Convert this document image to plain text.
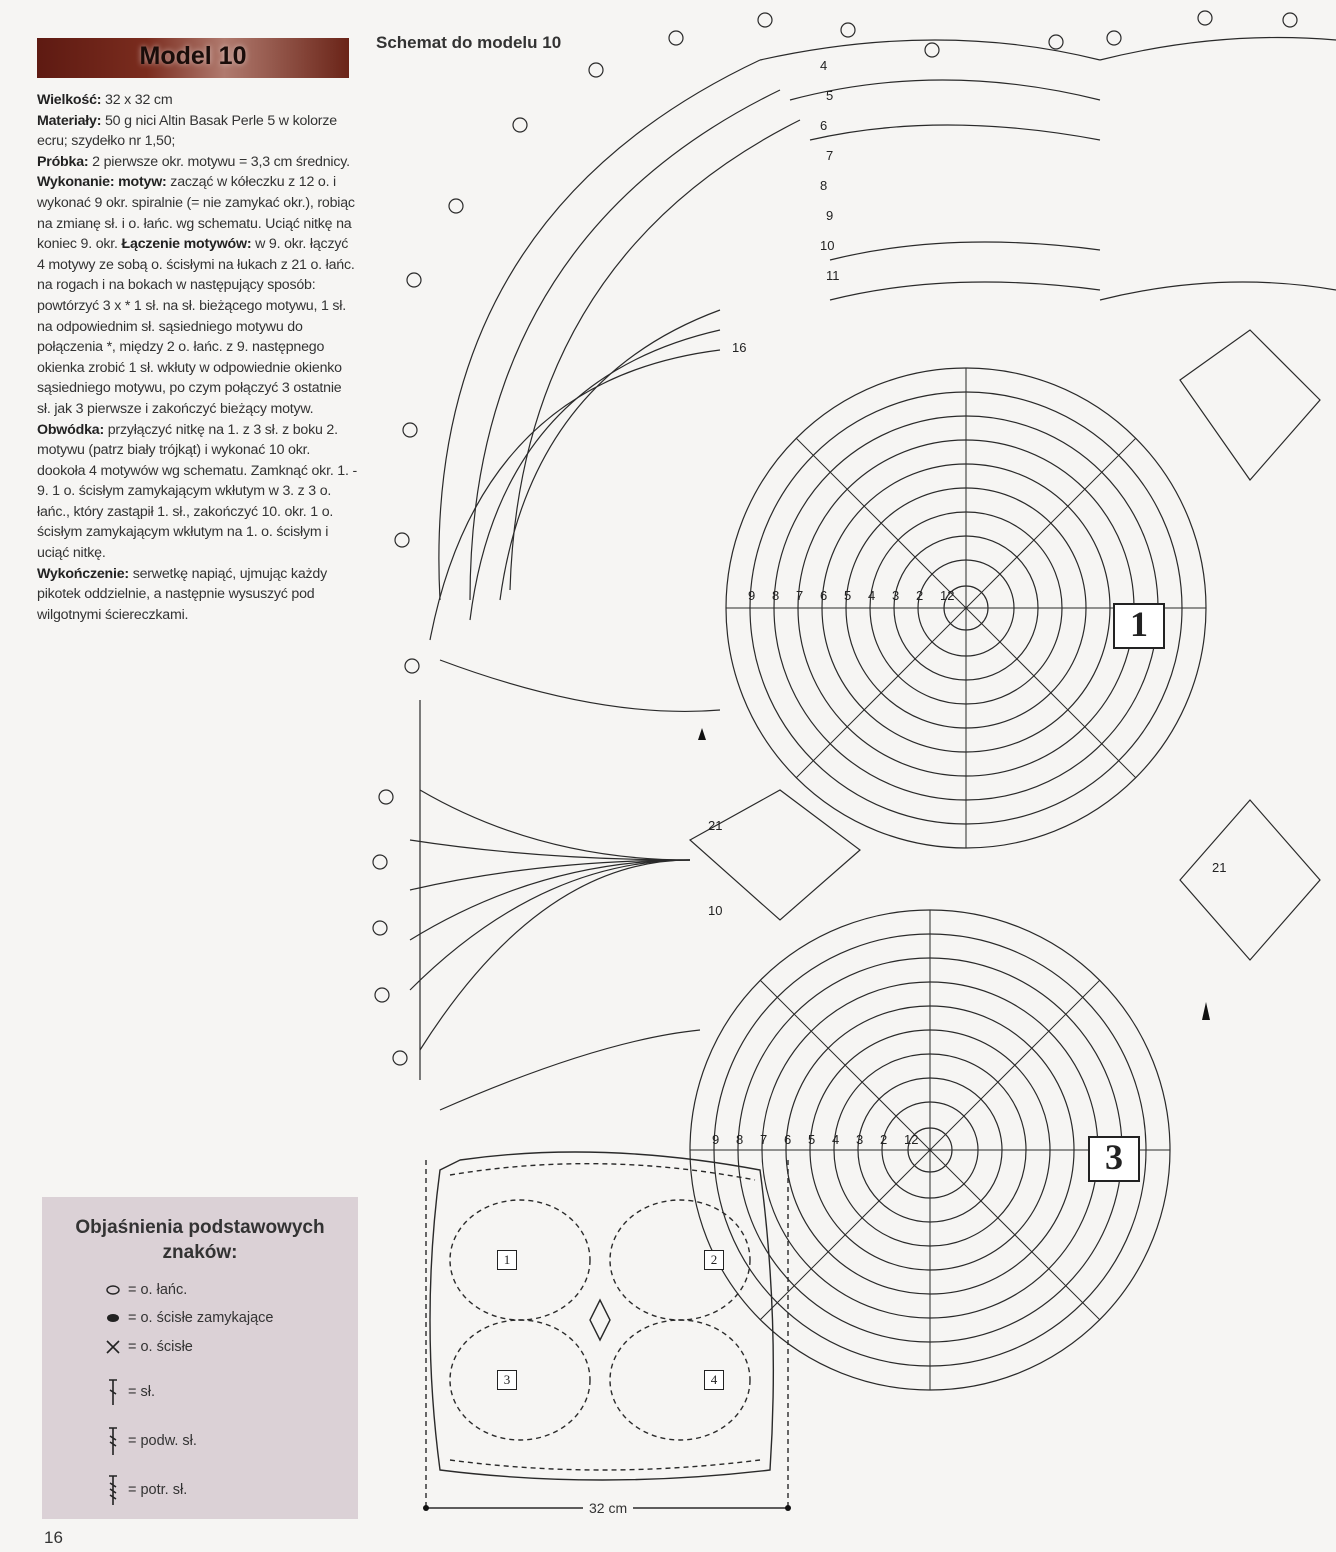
Model 10	Schemat do modelu 10

Wielkość: 32 x 32 cm

Materiały: 50 g nici Altin Basak Perle 5 w kolorze ecru; szydełko nr 1,50;

Próbka: 2 pierwsze okr. motywu = 3,3 cm średnicy.

Wykonanie: motyw: zacząć w kółeczku z 12 o. i wykonać 9 okr. spiralnie (= nie zamykać okr.), robiąc na zmianę sł. i o. łańc. wg schematu. Uciąć nitkę na koniec 9. okr. Łączenie motywów: w 9. okr. łączyć 4 motywy ze sobą o. ścisłymi na łukach z 21 o. łańc. na rogach i na bokach w następujący sposób: powtórzyć 3 x * 1 sł. na sł. bieżącego motywu, 1 sł. na odpowiednim sł. sąsiedniego motywu do połączenia *, między 2 o. łańc. z 9. następnego okienka zrobić 1 sł. wkłuty w odpowiednie okienko sąsiedniego motywu, po czym połączyć 3 ostatnie sł. jak 3 pierwsze i zakończyć bieżący motyw. Obwódka: przyłączyć nitkę na 1. z 3 sł. z boku 2. motywu (patrz biały trójkąt) i wykonać 10 okr. dookoła 4 motywów wg schematu. Zamknąć okr. 1. - 9. 1 o. ścisłym zamykającym wkłutym w 3. z 3 o. łańc., który zastąpił 1. sł., zakończyć 10. okr. 1 o. ścisłym zamykającym wkłutym na 1. o. ścisłym i uciąć nitkę.

Wykończenie: serwetkę napiąć, ujmując każdy pikotek oddzielnie, a następnie wysuszyć pod wilgotnymi ściereczkami.

Objaśnienia podstawowych znaków:
= o. łańc.
= o. ścisłe zamykające
= o. ścisłe
= sł.
= podw. sł.
= potr. sł.
16
12
12
2
2
3
3
4
4
5
5
6
6
7
7
8
8
9
9
4
5
6
7
8
9
10
11
16
21
21
10
1
3
1	2
3	4
32 cm
